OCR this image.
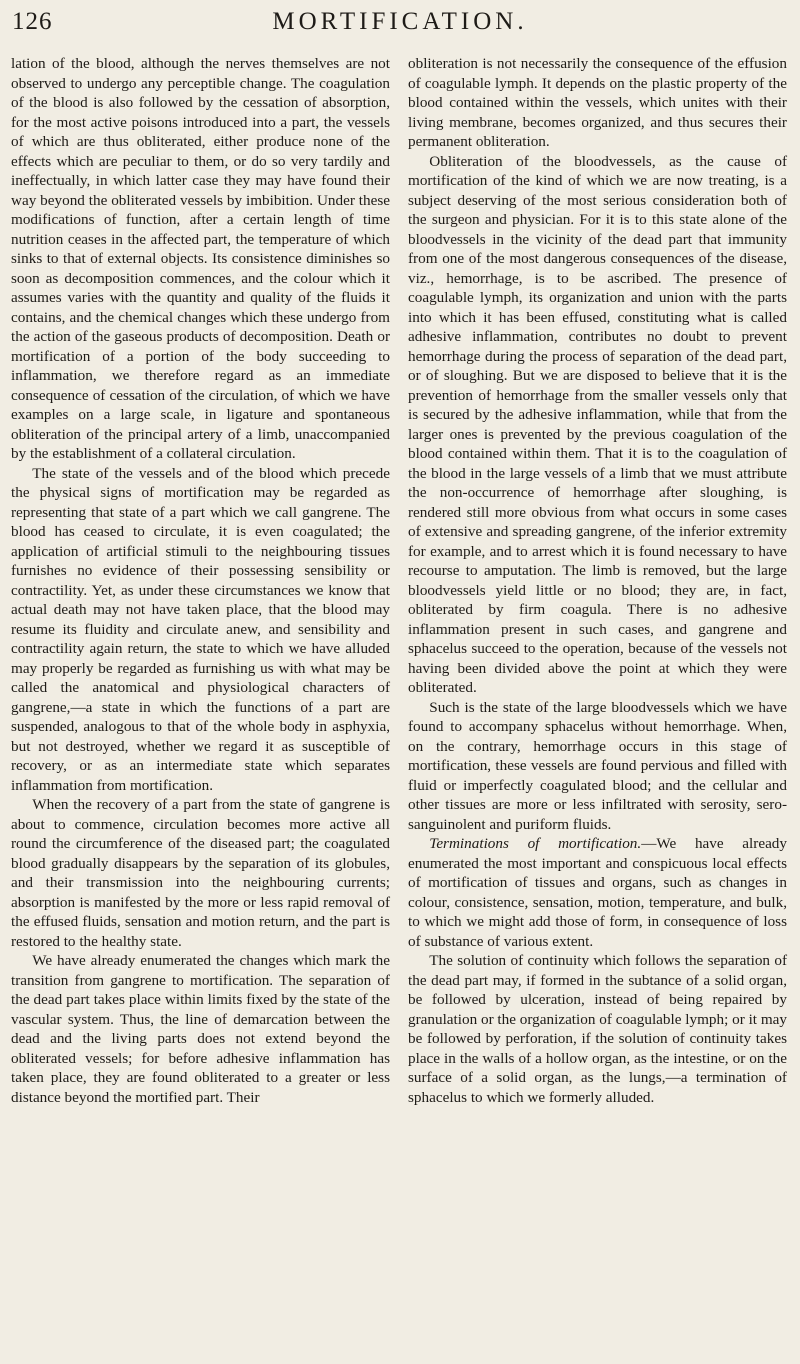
126	MORTIFICATION.

lation of the blood, although the nerves themselves are not observed to undergo any perceptible change. The coagulation of the blood is also followed by the cessation of absorption, for the most active poisons introduced into a part, the vessels of which are thus obliterated, either produce none of the effects which are peculiar to them, or do so very tardily and ineffectually, in which latter case they may have found their way beyond the obliterated vessels by imbibition. Under these modifications of function, after a certain length of time nutrition ceases in the affected part, the temperature of which sinks to that of external objects. Its consistence diminishes so soon as decomposition commences, and the colour which it assumes varies with the quantity and quality of the fluids it contains, and the chemical changes which these undergo from the action of the gaseous products of decomposition. Death or mortification of a portion of the body succeeding to inflammation, we therefore regard as an immediate consequence of cessation of the circulation, of which we have examples on a large scale, in ligature and spontaneous obliteration of the principal artery of a limb, unaccompanied by the establishment of a collateral circulation.

The state of the vessels and of the blood which precede the physical signs of mortification may be regarded as representing that state of a part which we call gangrene. The blood has ceased to circulate, it is even coagulated; the application of artificial stimuli to the neighbouring tissues furnishes no evidence of their possessing sensibility or contractility. Yet, as under these circumstances we know that actual death may not have taken place, that the blood may resume its fluidity and circulate anew, and sensibility and contractility again return, the state to which we have alluded may properly be regarded as furnishing us with what may be called the anatomical and physiological characters of gangrene,—a state in which the functions of a part are suspended, analogous to that of the whole body in asphyxia, but not destroyed, whether we regard it as susceptible of recovery, or as an intermediate state which separates inflammation from mortification.

When the recovery of a part from the state of gangrene is about to commence, circulation becomes more active all round the circumference of the diseased part; the coagulated blood gradually disappears by the separation of its globules, and their transmission into the neighbouring currents; absorption is manifested by the more or less rapid removal of the effused fluids, sensation and motion return, and the part is restored to the healthy state.

We have already enumerated the changes which mark the transition from gangrene to mortification. The separation of the dead part takes place within limits fixed by the state of the vascular system. Thus, the line of demarcation between the dead and the living parts does not extend beyond the obliterated vessels; for before adhesive inflammation has taken place, they are found obliterated to a greater or less distance beyond the mortified part. Their

obliteration is not necessarily the consequence of the effusion of coagulable lymph. It depends on the plastic property of the blood contained within the vessels, which unites with their living membrane, becomes organized, and thus secures their permanent obliteration.

Obliteration of the bloodvessels, as the cause of mortification of the kind of which we are now treating, is a subject deserving of the most serious consideration both of the surgeon and physician. For it is to this state alone of the bloodvessels in the vicinity of the dead part that immunity from one of the most dangerous consequences of the disease, viz., hemorrhage, is to be ascribed. The presence of coagulable lymph, its organization and union with the parts into which it has been effused, constituting what is called adhesive inflammation, contributes no doubt to prevent hemorrhage during the process of separation of the dead part, or of sloughing. But we are disposed to believe that it is the prevention of hemorrhage from the smaller vessels only that is secured by the adhesive inflammation, while that from the larger ones is prevented by the previous coagulation of the blood contained within them. That it is to the coagulation of the blood in the large vessels of a limb that we must attribute the non-occurrence of hemorrhage after sloughing, is rendered still more obvious from what occurs in some cases of extensive and spreading gangrene, of the inferior extremity for example, and to arrest which it is found necessary to have recourse to amputation. The limb is removed, but the large bloodvessels yield little or no blood; they are, in fact, obliterated by firm coagula. There is no adhesive inflammation present in such cases, and gangrene and sphacelus succeed to the operation, because of the vessels not having been divided above the point at which they were obliterated.

Such is the state of the large bloodvessels which we have found to accompany sphacelus without hemorrhage. When, on the contrary, hemorrhage occurs in this stage of mortification, these vessels are found pervious and filled with fluid or imperfectly coagulated blood; and the cellular and other tissues are more or less infiltrated with serosity, sero-sanguinolent and puriform fluids.

Terminations of mortification.—We have already enumerated the most important and conspicuous local effects of mortification of tissues and organs, such as changes in colour, consistence, sensation, motion, temperature, and bulk, to which we might add those of form, in consequence of loss of substance of various extent.

The solution of continuity which follows the separation of the dead part may, if formed in the subtance of a solid organ, be followed by ulceration, instead of being repaired by granulation or the organization of coagulable lymph; or it may be followed by perforation, if the solution of continuity takes place in the walls of a hollow organ, as the intestine, or on the surface of a solid organ, as the lungs,—a termination of sphacelus to which we formerly alluded.
